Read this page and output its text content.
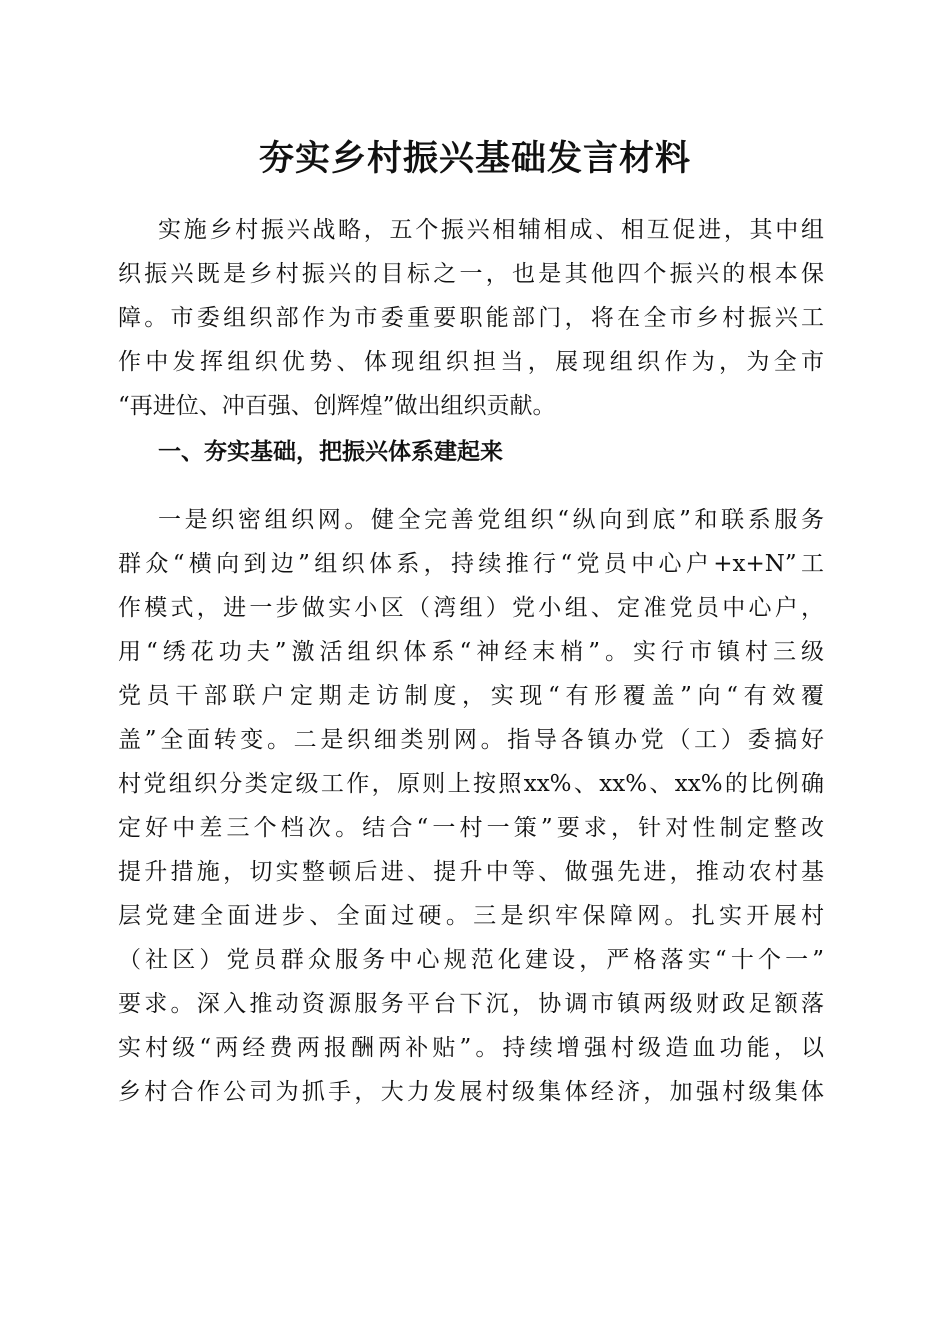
夯实乡村振兴基础发言材料
实施乡村振兴战略，五个振兴相辅相成、相互促进，其中组
织振兴既是乡村振兴的目标之一，也是其他四个振兴的根本保
障。市委组织部作为市委重要职能部门，将在全市乡村振兴工
作中发挥组织优势、体现组织担当，展现组织作为，为全市
“再进位、冲百强、创辉煌”做出组织贡献。
一、夯实基础，把振兴体系建起来
一是织密组织网。健全完善党组织“纵向到底”和联系服务
群众“横向到边”组织体系，持续推行“党员中心户+x+N”工
作模式，进一步做实小区（湾组）党小组、定准党员中心户，
用“绣花功夫”激活组织体系“神经末梢”。实行市镇村三级
党员干部联户定期走访制度，实现“有形覆盖”向“有效覆
盖”全面转变。二是织细类别网。指导各镇办党（工）委搞好
村党组织分类定级工作，原则上按照xx%、xx%、xx%的比例确
定好中差三个档次。结合“一村一策”要求，针对性制定整改
提升措施，切实整顿后进、提升中等、做强先进，推动农村基
层党建全面进步、全面过硬。三是织牢保障网。扎实开展村
（社区）党员群众服务中心规范化建设，严格落实“十个一”
要求。深入推动资源服务平台下沉，协调市镇两级财政足额落
实村级“两经费两报酬两补贴”。持续增强村级造血功能，以
乡村合作公司为抓手，大力发展村级集体经济，加强村级集体
